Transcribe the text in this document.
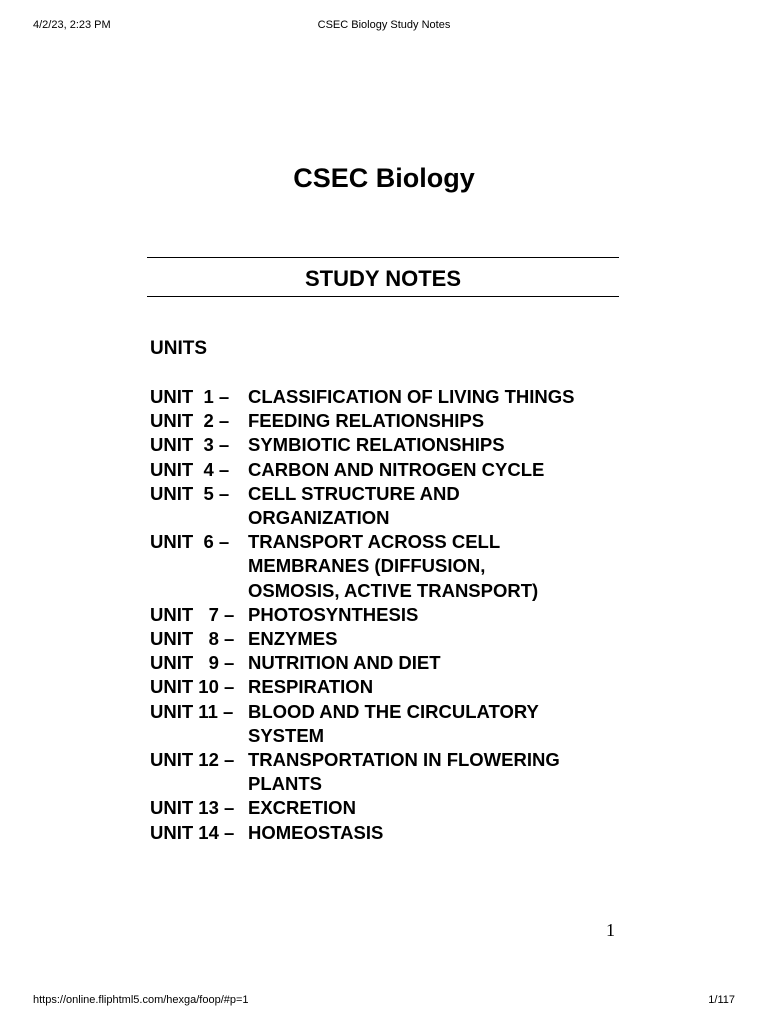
4/2/23, 2:23 PM	CSEC Biology Study Notes
CSEC Biology
STUDY NOTES
UNITS
UNIT  1 –	CLASSIFICATION OF LIVING THINGS
UNIT  2 –	FEEDING RELATIONSHIPS
UNIT  3 –	SYMBIOTIC RELATIONSHIPS
UNIT  4 –	CARBON AND NITROGEN CYCLE
UNIT  5 –	CELL STRUCTURE AND
ORGANIZATION
UNIT  6 –	TRANSPORT ACROSS CELL
MEMBRANES (DIFFUSION,
OSMOSIS, ACTIVE TRANSPORT)
UNIT   7 – PHOTOSYNTHESIS
UNIT   8 – ENZYMES
UNIT   9 – NUTRITION AND DIET
UNIT 10 – RESPIRATION
UNIT 11 – BLOOD AND THE CIRCULATORY
SYSTEM
UNIT 12 – TRANSPORTATION IN FLOWERING
PLANTS
UNIT 13 – EXCRETION
UNIT 14 – HOMEOSTASIS
1
https://online.fliphtml5.com/hexga/foop/#p=1	1/117
